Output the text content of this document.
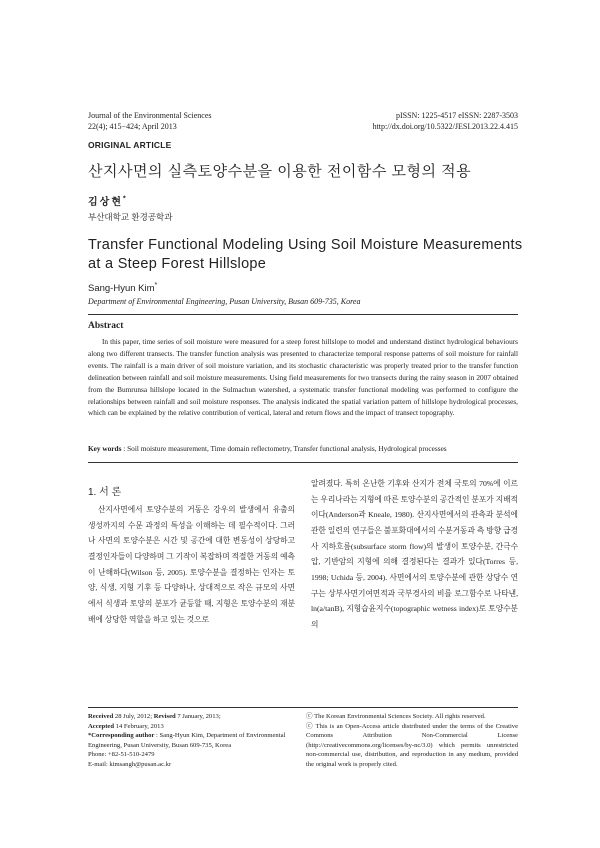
Journal of the Environmental Sciences
22(4); 415−424; April 2013
pISSN: 1225-4517 eISSN: 2287-3503
http://dx.doi.org/10.5322/JESI.2013.22.4.415
ORIGINAL ARTICLE
산지사면의 실측토양수분을 이용한 전이함수 모형의 적용
김상현*
부산대학교 환경공학과
Transfer Functional Modeling Using Soil Moisture Measurements at a Steep Forest Hillslope
Sang-Hyun Kim*
Department of Environmental Engineering, Pusan University, Busan 609-735, Korea
Abstract
In this paper, time series of soil moisture were measured for a steep forest hillslope to model and understand distinct hydrological behaviours along two different transects. The transfer function analysis was presented to characterize temporal response patterns of soil moisture for rainfall events. The rainfall is a main driver of soil moisture variation, and its stochastic characteristic was properly treated prior to the transfer function delineation between rainfall and soil moisture measurements. Using field measurements for two transects during the rainy season in 2007 obtained from the Bumrunsa hillslope located in the Sulmachun watershed, a systematic transfer functional modeling was performed to configure the relationships between rainfall and soil moisture responses. The analysis indicated the spatial variation pattern of hillslope hydrological processes, which can be explained by the relative contribution of vertical, lateral and return flows and the impact of transect topography.
Key words : Soil moisture measurement, Time domain reflectometry, Transfer functional analysis, Hydrological processes
1. 서 론
산지사면에서 토양수분의 거동은 강우의 발생에서 유출의 생성까지의 수문 과정의 특성을 이해하는 데 필수적이다. 그러나 사면의 토양수분은 시간 및 공간에 대한 변동성이 상당하고 결정인자들이 다양하며 그 기작이 복잡하며 적절한 거동의 예측이 난해하다(Wilson 등, 2005). 토양수분을 결정하는 인자는 토양, 식생, 지형 기후 등 다양하나, 상대적으로 작은 규모의 사면에서 식생과 토양의 분포가 균등할 때, 지형은 토양수분의 재분배에 상당한 역할을 하고 있는 것으로
알려졌다. 특히 온난한 기후와 산지가 전체 국토의 70%에 이르는 우리나라는 지형에 따른 토양수분의 공간적인 분포가 지배적이다(Anderson과 Kneale, 1980). 산지사면에서의 관측과 분석에 관한 일련의 연구들은 불포화대에서의 수분거동과 측 방향 급경사 지하흐름(subsurface storm flow)의 발생이 토양수분, 간극수압, 기반암의 지형에 의해 결정된다는 결과가 있다(Torres 등, 1998; Uchida 등, 2004). 사면에서의 토양수분에 관한 상당수 연구는 상부사면기여면적과 국부경사의 비를 로그함수로 나타낸, ln(a/tanB), 지형습윤지수(topographic wetness index)로 토양수분의
Received 28 July, 2012; Revised 7 January, 2013;
Accepted 14 February, 2013
*Corresponding author : Sang-Hyun Kim, Department of Environmental Engineering, Pusan University, Busan 609-735, Korea
Phone: +82-51-510-2479
E-mail: kimsangh@pusan.ac.kr
ⓒ The Korean Environmental Sciences Society. All rights reserved.
ⓒ This is an Open-Access article distributed under the terms of the Creative Commons Attribution Non-Commercial License (http://creativecommons.org/licenses/by-nc/3.0) which permits unrestricted non-commercial use, distribution, and reproduction in any medium, provided the original work is properly cited.
